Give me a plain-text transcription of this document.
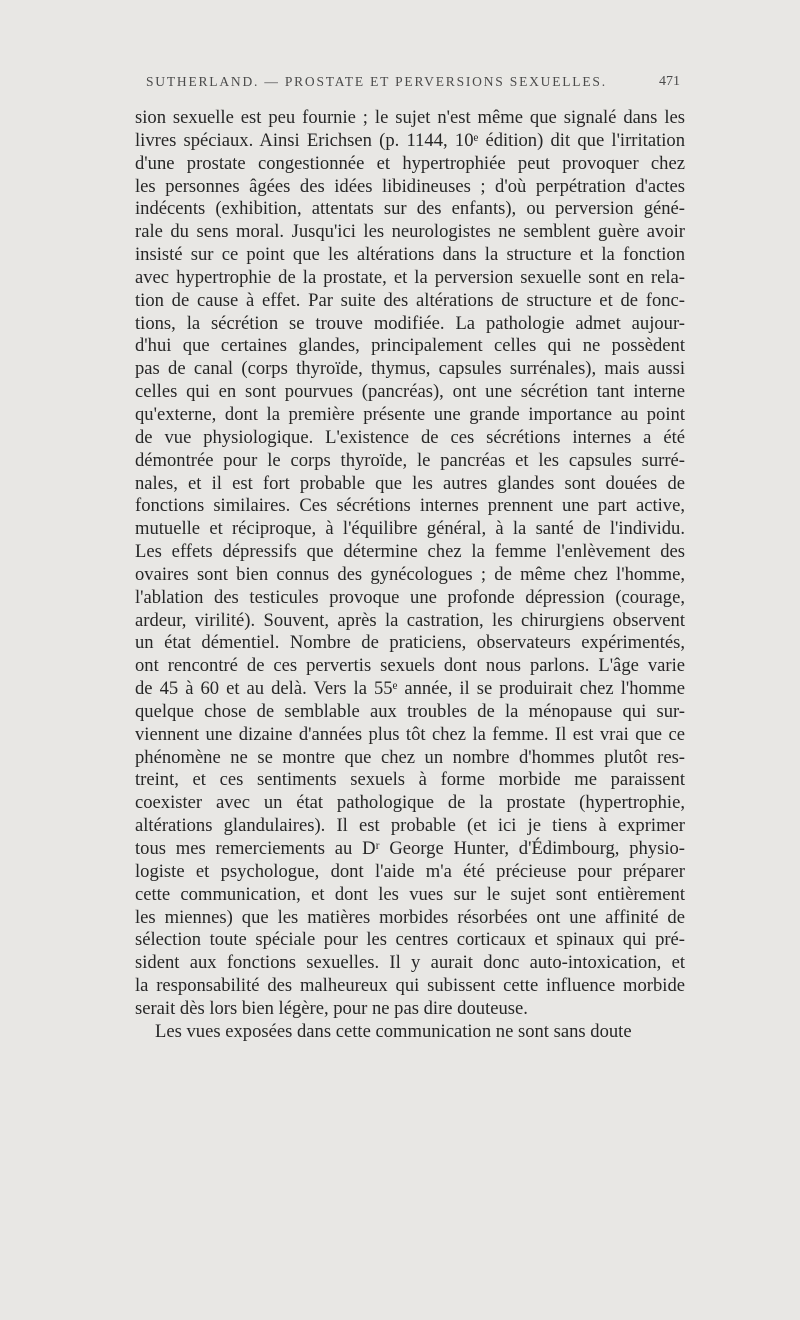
SUTHERLAND. — PROSTATE ET PERVERSIONS SEXUELLES.	471
sion sexuelle est peu fournie ; le sujet n'est même que signalé dans les
livres spéciaux. Ainsi Erichsen (p. 1144, 10ᵉ édition) dit que l'irritation
d'une prostate congestionnée et hypertrophiée peut provoquer chez
les personnes âgées des idées libidineuses ; d'où perpétration d'actes
indécents (exhibition, attentats sur des enfants), ou perversion géné-
rale du sens moral. Jusqu'ici les neurologistes ne semblent guère avoir
insisté sur ce point que les altérations dans la structure et la fonction
avec hypertrophie de la prostate, et la perversion sexuelle sont en rela-
tion de cause à effet. Par suite des altérations de structure et de fonc-
tions, la sécrétion se trouve modifiée. La pathologie admet aujour-
d'hui que certaines glandes, principalement celles qui ne possèdent
pas de canal (corps thyroïde, thymus, capsules surrénales), mais aussi
celles qui en sont pourvues (pancréas), ont une sécrétion tant interne
qu'externe, dont la première présente une grande importance au point
de vue physiologique. L'existence de ces sécrétions internes a été
démontrée pour le corps thyroïde, le pancréas et les capsules surré-
nales, et il est fort probable que les autres glandes sont douées de
fonctions similaires. Ces sécrétions internes prennent une part active,
mutuelle et réciproque, à l'équilibre général, à la santé de l'individu.
Les effets dépressifs que détermine chez la femme l'enlèvement des
ovaires sont bien connus des gynécologues ; de même chez l'homme,
l'ablation des testicules provoque une profonde dépression (courage,
ardeur, virilité). Souvent, après la castration, les chirurgiens observent
un état démentiel. Nombre de praticiens, observateurs expérimentés,
ont rencontré de ces pervertis sexuels dont nous parlons. L'âge varie
de 45 à 60 et au delà. Vers la 55ᵉ année, il se produirait chez l'homme
quelque chose de semblable aux troubles de la ménopause qui sur-
viennent une dizaine d'années plus tôt chez la femme. Il est vrai que ce
phénomène ne se montre que chez un nombre d'hommes plutôt res-
treint, et ces sentiments sexuels à forme morbide me paraissent
coexister avec un état pathologique de la prostate (hypertrophie,
altérations glandulaires). Il est probable (et ici je tiens à exprimer
tous mes remerciements au Dʳ George Hunter, d'Édimbourg, physio-
logiste et psychologue, dont l'aide m'a été précieuse pour préparer
cette communication, et dont les vues sur le sujet sont entièrement
les miennes) que les matières morbides résorbées ont une affinité de
sélection toute spéciale pour les centres corticaux et spinaux qui pré-
sident aux fonctions sexuelles. Il y aurait donc auto-intoxication, et
la responsabilité des malheureux qui subissent cette influence morbide
serait dès lors bien légère, pour ne pas dire douteuse.
Les vues exposées dans cette communication ne sont sans doute
